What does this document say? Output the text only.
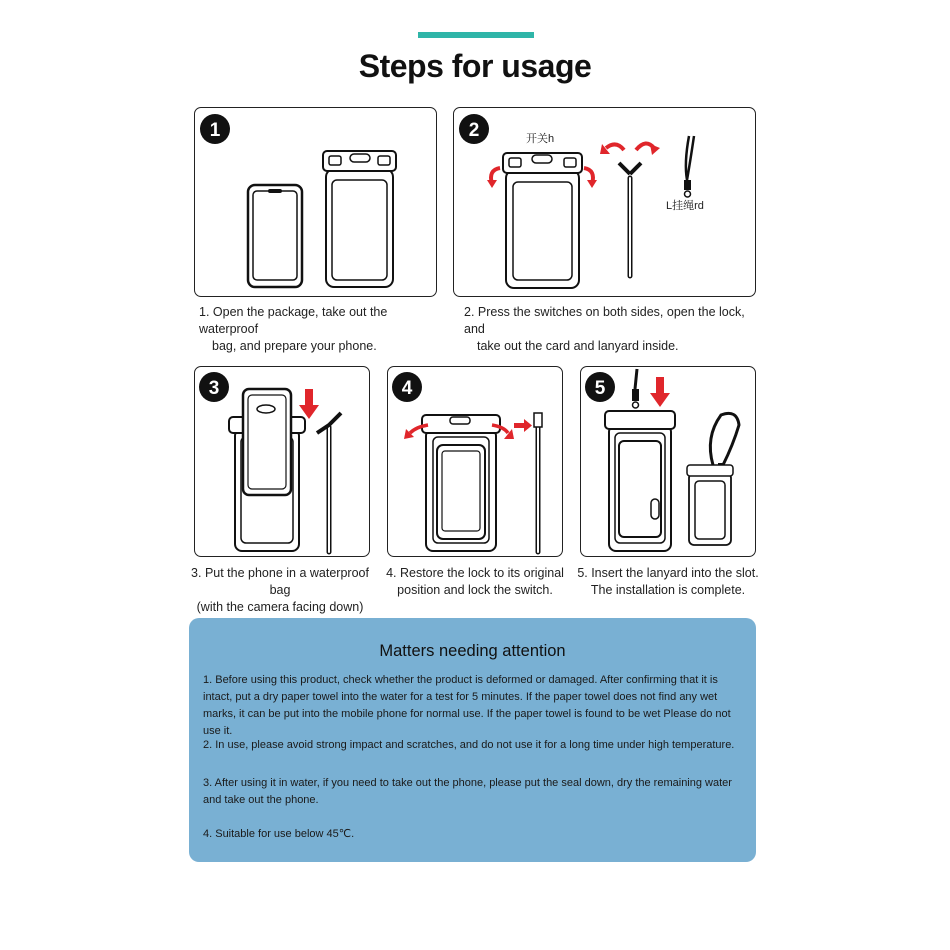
Steps for usage
1
1. Open the package, take out the waterproof
bag, and prepare your phone.
2	开关h
L挂绳rd
2. Press the switches on both sides, open the lock, and
take out the card and lanyard inside.
3
3. Put the phone in a waterproof bag
(with the camera facing down)
4
4. Restore the lock to its original
position and lock the switch.
5
5. Insert the lanyard into the slot.
The installation is complete.
Matters needing attention
1. Before using this product, check whether the product is deformed or damaged. After confirming that it is intact, put a dry paper towel into the water for a test for 5 minutes. If the paper towel does not find any wet marks, it can be put into the mobile phone for normal use. If the paper towel is found to be wet Please do not use it.
2. In use, please avoid strong impact and scratches, and do not use it for a long time under high temperature.
3. After using it in water, if you need to take out the phone, please put the seal down, dry the remaining water and take out the phone.
4. Suitable for use below 45℃.
